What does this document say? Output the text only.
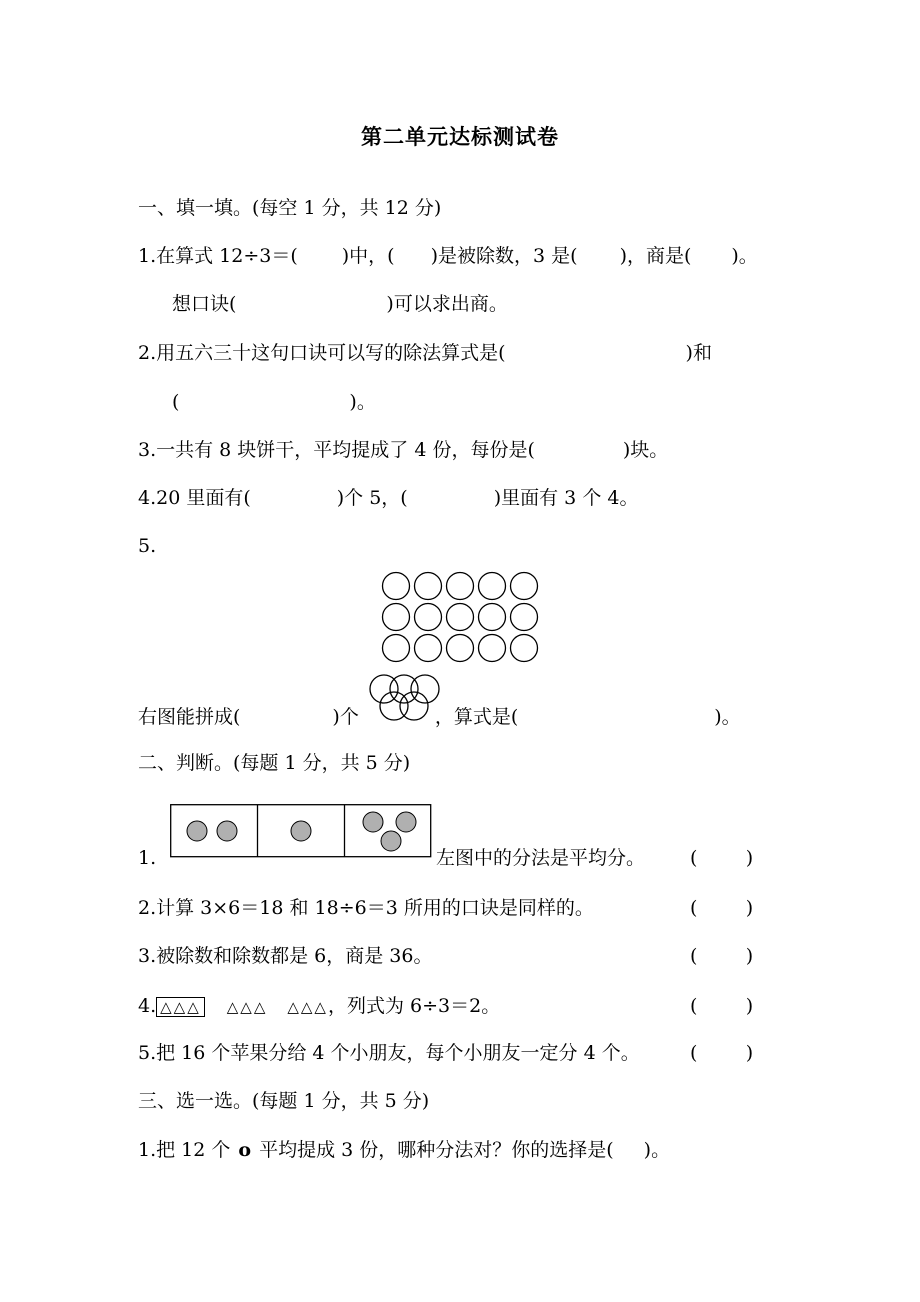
第二单元达标测试卷
一、填一填。(每空 1 分，共 12 分)
1.在算式 12÷3＝( )中，( )是被除数，3 是( )，商是( )。
想口诀(	)可以求出商。
2.用五六三十这句口诀可以写的除法算式是(	)和
(	)。
3.一共有 8 块饼干，平均提成了 4 份，每份是(	)块。
4.20 里面有(	)个 5，(	)里面有 3 个 4。
5.
右图能拼成(	)个	，算式是(	)。
二、判断。(每题 1 分，共 5 分)
1.	左图中的分法是平均分。 (        )
2.计算 3×6＝18 和 18÷6＝3 所用的口诀是同样的。	(        )
3.被除数和除数都是 6，商是 36。	(        )
4. △△△ △△△ △△△，列式为 6÷3＝2。	(        )
5.把 16 个苹果分给 4 个小朋友，每个小朋友一定分 4 个。	(        )
三、选一选。(每题 1 分，共 5 分)
1.把 12 个 o 平均提成 3 份，哪种分法对？你的选择是( )。
